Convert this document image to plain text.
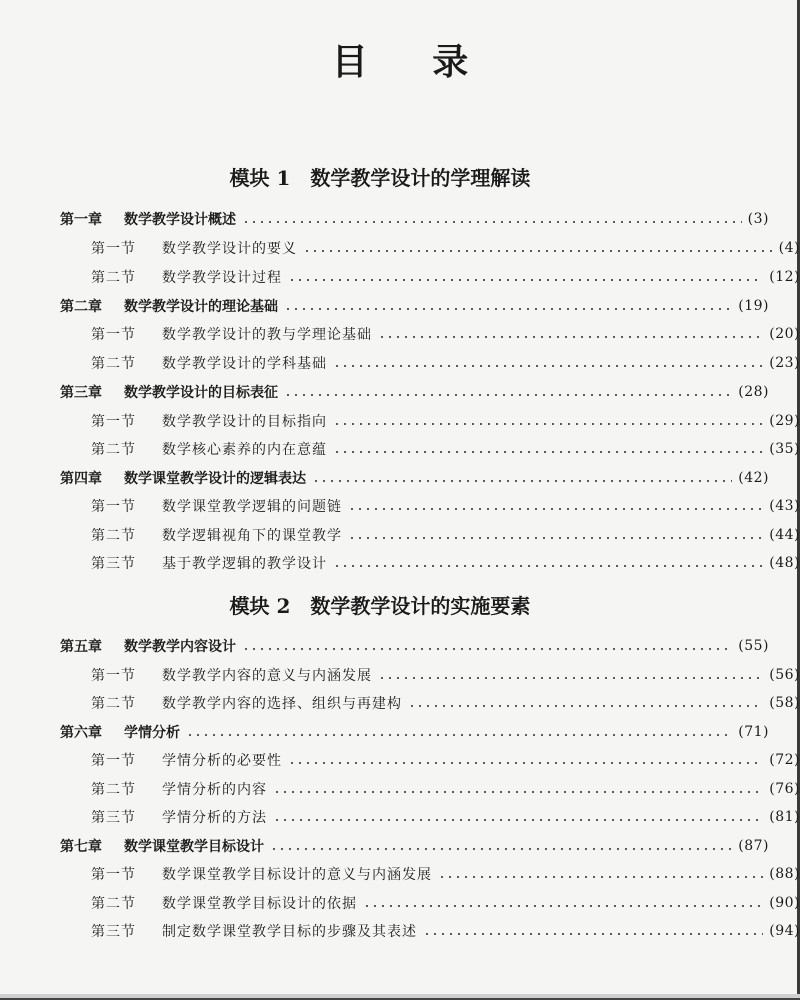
目 录
模块 1　数学教学设计的学理解读
模块 2　数学教学设计的实施要素
第一章 数学教学设计概述	(3)
第一节 数学教学设计的要义	(4)
第二节 数学教学设计过程	(12)
第二章 数学教学设计的理论基础	(19)
第一节 数学教学设计的教与学理论基础	(20)
第二节 数学教学设计的学科基础	(23)
第三章 数学教学设计的目标表征	(28)
第一节 数学教学设计的目标指向	(29)
第二节 数学核心素养的内在意蕴	(35)
第四章 数学课堂教学设计的逻辑表达	(42)
第一节 数学课堂教学逻辑的问题链	(43)
第二节 数学逻辑视角下的课堂教学	(44)
第三节 基于教学逻辑的教学设计	(48)
第五章 数学教学内容设计	(55)
第一节 数学教学内容的意义与内涵发展	(56)
第二节 数学教学内容的选择、组织与再建构	(58)
第六章 学情分析	(71)
第一节 学情分析的必要性	(72)
第二节 学情分析的内容	(76)
第三节 学情分析的方法	(81)
第七章 数学课堂教学目标设计	(87)
第一节 数学课堂教学目标设计的意义与内涵发展	(88)
第二节 数学课堂教学目标设计的依据	(90)
第三节 制定数学课堂教学目标的步骤及其表述	(94)
